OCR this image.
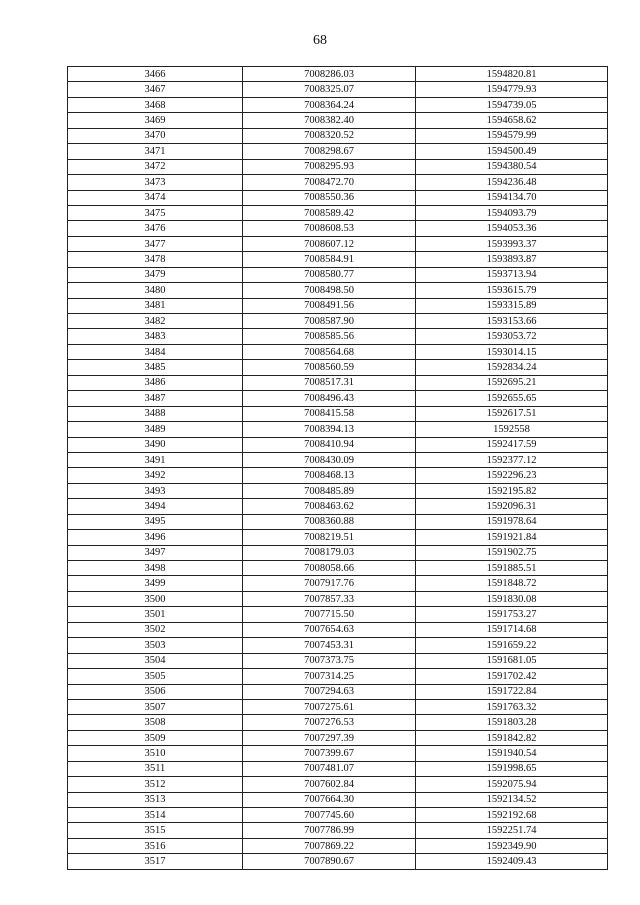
68
3466	7008286.03	1594820.81
3467	7008325.07	1594779.93
3468	7008364.24	1594739.05
3469	7008382.40	1594658.62
3470	7008320.52	1594579.99
3471	7008298.67	1594500.49
3472	7008295.93	1594380.54
3473	7008472.70	1594236.48
3474	7008550.36	1594134.70
3475	7008589.42	1594093.79
3476	7008608.53	1594053.36
3477	7008607.12	1593993.37
3478	7008584.91	1593893.87
3479	7008580.77	1593713.94
3480	7008498.50	1593615.79
3481	7008491.56	1593315.89
3482	7008587.90	1593153.66
3483	7008585.56	1593053.72
3484	7008564.68	1593014.15
3485	7008560.59	1592834.24
3486	7008517.31	1592695.21
3487	7008496.43	1592655.65
3488	7008415.58	1592617.51
3489	7008394.13	1592558
3490	7008410.94	1592417.59
3491	7008430.09	1592377.12
3492	7008468.13	1592296.23
3493	7008485.89	1592195.82
3494	7008463.62	1592096.31
3495	7008360.88	1591978.64
3496	7008219.51	1591921.84
3497	7008179.03	1591902.75
3498	7008058.66	1591885.51
3499	7007917.76	1591848.72
3500	7007857.33	1591830.08
3501	7007715.50	1591753.27
3502	7007654.63	1591714.68
3503	7007453.31	1591659.22
3504	7007373.75	1591681.05
3505	7007314.25	1591702.42
3506	7007294.63	1591722.84
3507	7007275.61	1591763.32
3508	7007276.53	1591803.28
3509	7007297.39	1591842.82
3510	7007399.67	1591940.54
3511	7007481.07	1591998.65
3512	7007602.84	1592075.94
3513	7007664.30	1592134.52
3514	7007745.60	1592192.68
3515	7007786.99	1592251.74
3516	7007869.22	1592349.90
3517	7007890.67	1592409.43
